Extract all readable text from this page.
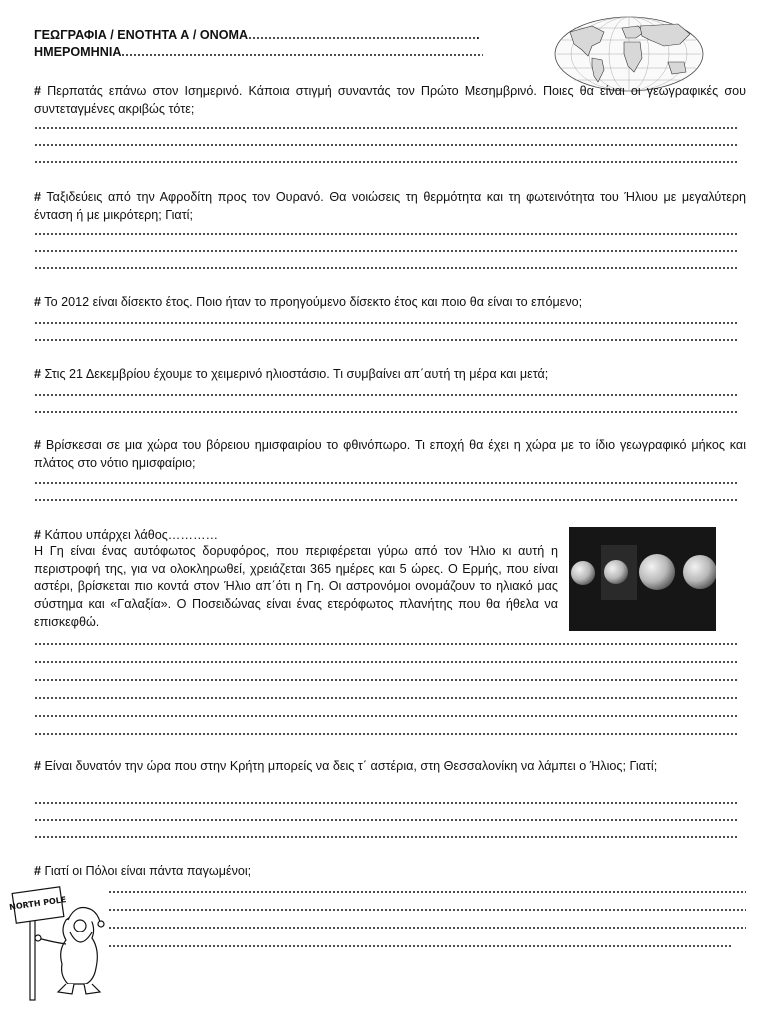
ΓΕΩΓΡΑΦΙΑ / ΕΝΟΤΗΤΑ Α / ΟΝΟΜΑ	.
ΗΜΕΡΟΜΗΝΙΑ
# Περπατάς επάνω στον Ισημερινό. Κάποια στιγμή συναντάς τον Πρώτο Μεσημβρινό. Ποιες θα είναι οι γεωγραφικές σου συντεταγμένες ακριβώς τότε;
# Ταξιδεύεις από την Αφροδίτη προς τον Ουρανό. Θα νοιώσεις τη θερμότητα και τη φωτεινότητα του Ήλιου με μεγαλύτερη ένταση ή με μικρότερη; Γιατί;
# Το 2012 είναι δίσεκτο έτος. Ποιο ήταν το προηγούμενο δίσεκτο έτος και ποιο θα είναι το επόμενο;
# Στις 21 Δεκεμβρίου έχουμε το χειμερινό ηλιοστάσιο. Τι συμβαίνει απ΄αυτή τη μέρα και μετά;
# Βρίσκεσαι σε μια χώρα του βόρειου ημισφαιρίου το φθινόπωρο. Τι εποχή θα έχει η χώρα με το ίδιο γεωγραφικό μήκος και πλάτος στο νότιο ημισφαίριο;
# Κάπου υπάρχει λάθος…………
Η Γη είναι ένας αυτόφωτος δορυφόρος, που περιφέρεται γύρω από τον Ήλιο κι αυτή η περιστροφή της, για να ολοκληρωθεί, χρειάζεται 365 ημέρες και 5 ώρες. Ο Ερμής, που είναι αστέρι, βρίσκεται πιο κοντά στον Ήλιο απ΄ότι η Γη. Οι αστρονόμοι ονομάζουν το ηλιακό μας σύστημα και «Γαλαξία». Ο Ποσειδώνας είναι ένας ετερόφωτος πλανήτης που θα ήθελα να επισκεφθώ.
# Είναι δυνατόν την ώρα που στην Κρήτη μπορείς να δεις τ΄ αστέρια, στη Θεσσαλονίκη να λάμπει ο Ήλιος; Γιατί;
# Γιατί οι Πόλοι είναι πάντα παγωμένοι;
NORTH POLE
